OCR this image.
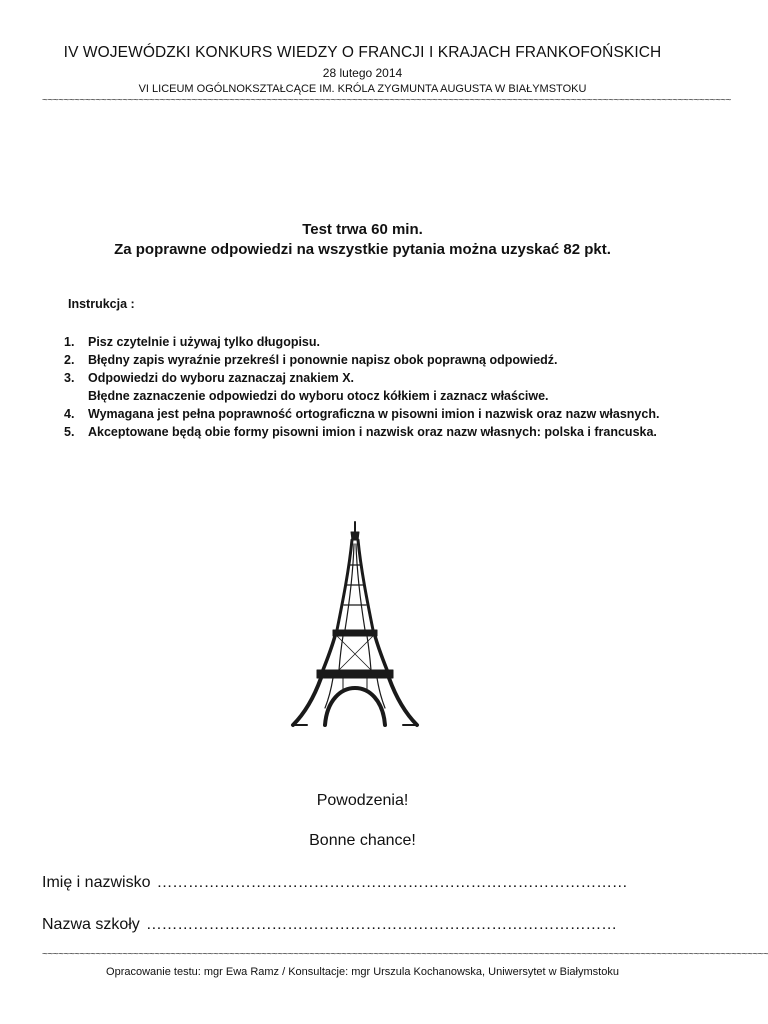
IV WOJEWÓDZKI KONKURS WIEDZY O FRANCJI I KRAJACH FRANKOFOŃSKICH
28 lutego 2014
VI LICEUM OGÓLNOKSZTAŁCĄCE IM. KRÓLA ZYGMUNTA AUGUSTA W BIAŁYMSTOKU
~~~~~~~~~~~~~~~~~~~~~~~~~~~~~~~~~~~~~~~~~~~~~~~~~~~~~~~~~~~~~~~~~~~~~~~~~~~~~~~~~~~~~~~~~~~~~~~~~~~~~~~~~~~~~~~~~~~~~~~~~~~~~~~~~
Test trwa 60 min.
Za poprawne odpowiedzi na wszystkie pytania można uzyskać 82 pkt.
Instrukcja :
1. Pisz czytelnie i używaj tylko długopisu.
2. Błędny zapis wyraźnie przekreśl i ponownie napisz obok poprawną odpowiedź.
3. Odpowiedzi do wyboru zaznaczaj znakiem X.
Błędne zaznaczenie odpowiedzi do wyboru otocz kółkiem i zaznacz właściwe.
4. Wymagana jest pełna poprawność ortograficzna w pisowni imion i nazwisk oraz nazw własnych.
5. Akceptowane będą obie formy pisowni imion i nazwisk oraz nazw własnych: polska i francuska.
Powodzenia!
Bonne chance!
Imię i nazwisko ………………………………………………………………………………
Nazwa szkoły ………………………………………………………………………………
~~~~~~~~~~~~~~~~~~~~~~~~~~~~~~~~~~~~~~~~~~~~~~~~~~~~~~~~~~~~~~~~~~~~~~~~~~~~~~~~~~~~~~~~~~~~~~~~~~~~~~~~~~~~~~~~~~~~~~~~~~~~~~~~~~~~~~~~
Opracowanie testu: mgr Ewa Ramz / Konsultacje: mgr Urszula Kochanowska, Uniwersytet w Białymstoku
